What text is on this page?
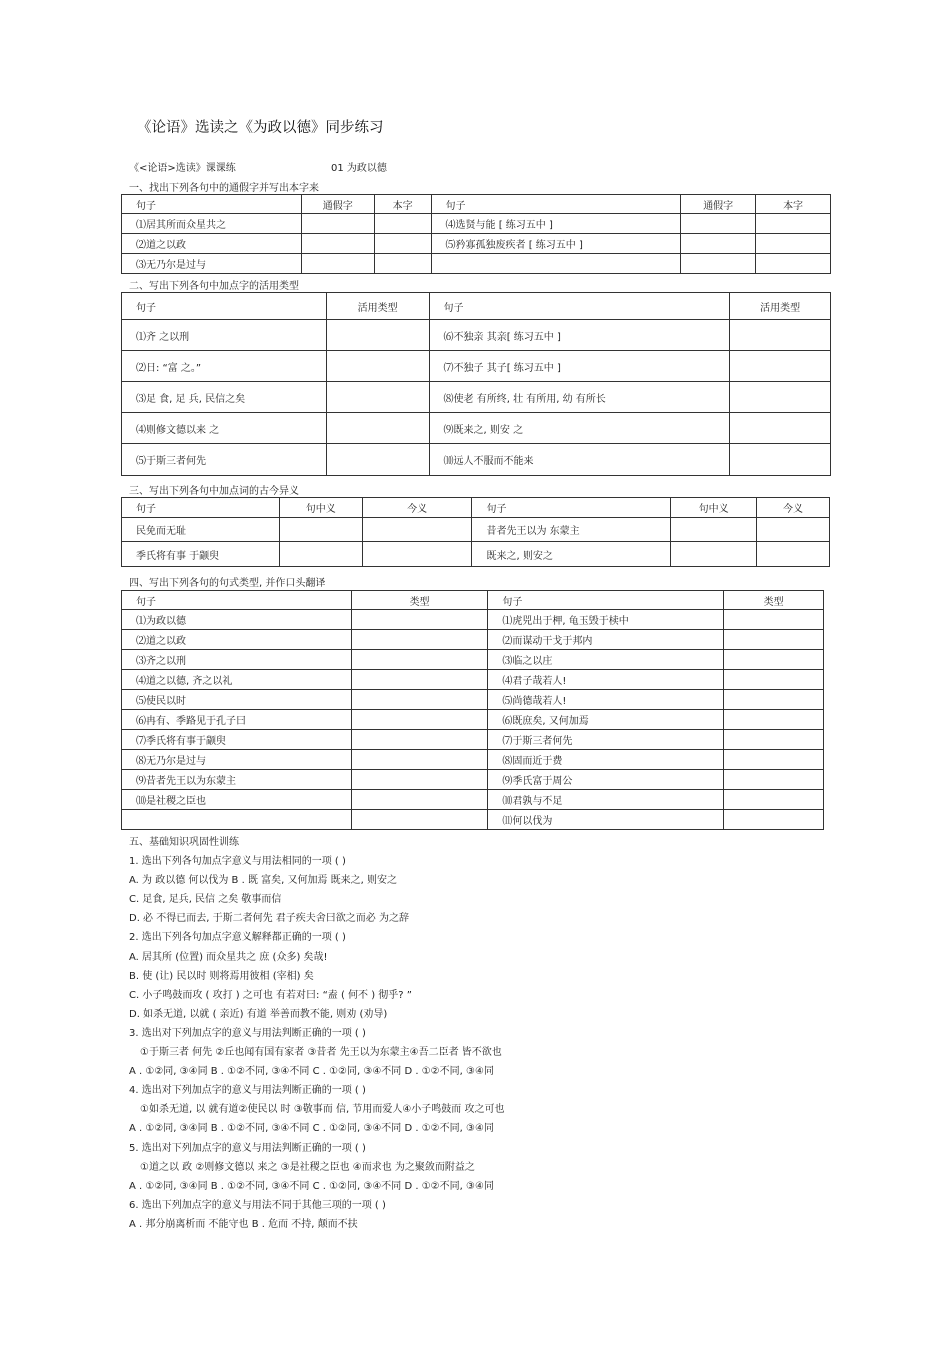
《论语》选读之《为政以德》同步练习
《<论语>选读》课课练	01 为政以德
一、找出下列各句中的通假字并写出本字来
句子	通假字	本字	句子	通假字	本字
⑴居其所而众星共之			⑷选贤与能 [ 练习五中 ]		
⑵道之以政			⑸矜寡孤独废疾者 [ 练习五中 ]		
⑶无乃尔是过与					
二、写出下列各句中加点字的活用类型
句子	活用类型	句子	活用类型
⑴齐 之以刑		⑹不独亲 其亲[ 练习五中 ]	
⑵日: “富 之。”		⑺不独子 其子[ 练习五中 ]	
⑶足 食, 足 兵, 民信之矣		⑻使老 有所终, 壮 有所用, 幼 有所长	
⑷则修文德以来 之		⑼既来之, 则安 之	
⑸于斯三者何先		⑽远人不服而不能来	
三、写出下列各句中加点词的古今异义
句子	句中义	今义	句子	句中义	今义
民免而无耻			昔者先王以为 东蒙主		
季氏将有事 于颛臾			既来之, 则安之		
四、写出下列各句的句式类型, 并作口头翻译
句子	类型	句子	类型
⑴为政以德		⑴虎兕出于柙, 龟玉毁于椟中	
⑵道之以政		⑵而谋动干戈于邦内	
⑶齐之以刑		⑶临之以庄	
⑷道之以德, 齐之以礼		⑷君子哉若人!	
⑸使民以时		⑸尚德哉若人!	
⑹冉有、季路见于孔子曰		⑹既庶矣, 又何加焉	
⑺季氏将有事于颛臾		⑺于斯三者何先	
⑻无乃尔是过与		⑻固而近于费	
⑼昔者先王以为东蒙主		⑼季氏富于周公	
⑽是社稷之臣也		⑽君孰与不足	
		⑾何以伐为	
五、基础知识巩固性训练
1. 选出下列各句加点字意义与用法相同的一项 ( )
A. 为 政以德 何以伐为 B . 既 富矣, 又何加焉 既来之, 则安之
C. 足食, 足兵, 民信 之矣 敬事而信
D. 必 不得已而去, 于斯二者何先 君子疾夫舍曰欲之而必 为之辞
2. 选出下列各句加点字意义解释都正确的一项 ( )
A. 居其所 (位置) 而众星共之 庶 (众多) 矣哉!
B. 使 (让) 民以时 则将焉用彼相 (宰相) 矣
C. 小子鸣鼓而攻 ( 攻打 ) 之可也 有若对曰: “盍 ( 何不 ) 彻乎? ”
D. 如杀无道, 以就 ( 亲近) 有道 举善而教不能, 则劝 (劝导)
3. 选出对下列加点字的意义与用法判断正确的一项 ( )
①于斯三者 何先 ②丘也闻有国有家者 ③昔者 先王以为东蒙主④吾二臣者 皆不欲也
A . ①②同, ③④同 B . ①②不同, ③④不同 C . ①②同, ③④不同 D . ①②不同, ③④同
4. 选出对下列加点字的意义与用法判断正确的一项 ( )
①如杀无道, 以 就有道②使民以 时 ③敬事而 信, 节用而爱人④小子鸣鼓而 攻之可也
A . ①②同, ③④同 B . ①②不同, ③④不同 C . ①②同, ③④不同 D . ①②不同, ③④同
5. 选出对下列加点字的意义与用法判断正确的一项 ( )
①道之以 政 ②则修文德以 来之 ③是社稷之臣也 ④而求也 为之聚敛而附益之
A . ①②同, ③④同 B . ①②不同, ③④不同 C . ①②同, ③④不同 D . ①②不同, ③④同
6. 选出下列加点字的意义与用法不同于其他三项的一项 ( )
A . 邦分崩离析而 不能守也 B . 危而 不持, 颠而不扶
